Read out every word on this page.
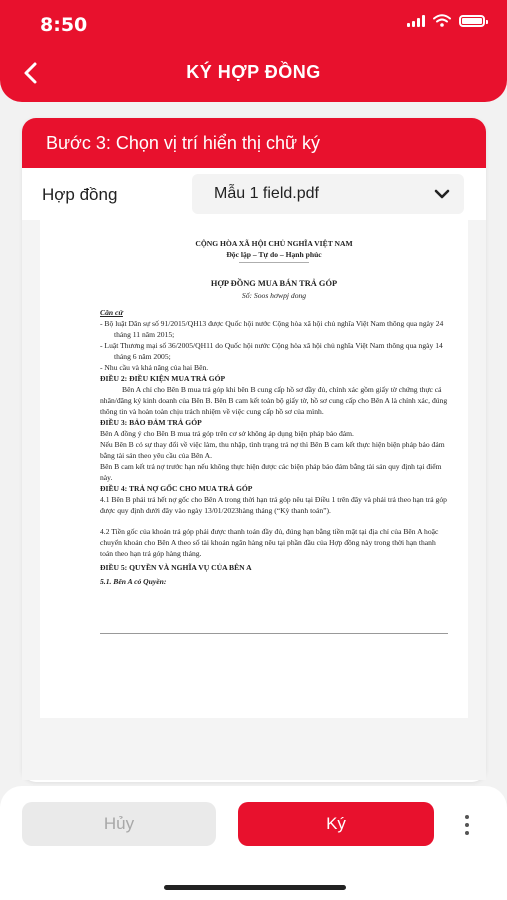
8:50
KÝ HỢP ĐỒNG
Bước 3: Chọn vị trí hiển thị chữ ký
Hợp đồng	Mẫu 1 field.pdf

CỘNG HÒA XÃ HỘI CHỦ NGHĨA VIỆT NAM

Độc lập – Tự do – Hạnh phúc

-----------------------------------

HỢP ĐỒNG MUA BÁN TRẢ GÓP

Số: Soos hơwpj dong

Căn cứ

- Bộ luật Dân sự số 91/2015/QH13 được Quốc hội nước Cộng hòa xã hội chủ nghĩa Việt Nam thông qua ngày 24 tháng 11 năm 2015;

- Luật Thương mại số 36/2005/QH11 do Quốc hội nước Cộng hòa xã hội chủ nghĩa Việt Nam thông qua ngày 14 tháng 6 năm 2005;

- Nhu cầu và khả năng của hai Bên.

ĐIỀU 2: ĐIỀU KIỆN MUA TRẢ GÓP

Bên A chỉ cho Bên B mua trả góp khi bên B cung cấp hồ sơ đầy đủ, chính xác gồm giấy tờ chứng thực cá nhân/đăng ký kinh doanh của Bên B. Bên B cam kết toàn bộ giấy tờ, hồ sơ cung cấp cho Bên A là chính xác, đúng thông tin và hoàn toàn chịu trách nhiệm về việc cung cấp hồ sơ của mình.

ĐIỀU 3: BẢO ĐẢM TRẢ GÓP

Bên A đồng ý cho Bên B mua trả góp trên cơ sở không áp dụng biện pháp bảo đảm.

Nếu Bên B có sự thay đổi về việc làm, thu nhập, tình trạng trả nợ thì Bên B cam kết thực hiện biện pháp bảo đảm bằng tài sản theo yêu cầu của Bên A.

Bên B cam kết trả nợ trước hạn nếu không thực hiện được các biện pháp bảo đảm bằng tài sản quy định tại điểm này.

ĐIỀU 4: TRẢ NỢ GỐC CHO MUA TRẢ GÓP

4.1 Bên B phải trả hết nợ gốc cho Bên A trong thời hạn trả góp nêu tại Điều 1 trên đây và phải trả theo hạn trả góp được quy định dưới đây vào ngày 13/01/2023hàng tháng (“Kỳ thanh toán”).

4.2 Tiền gốc của khoản trả góp phải được thanh toán đầy đủ, đúng hạn bằng tiền mặt tại địa chỉ của Bên A hoặc chuyển khoản cho Bên A theo số tài khoản ngân hàng nêu tại phần đầu của Hợp đồng này trong thời hạn thanh toán theo hạn trả góp hàng tháng.

ĐIỀU 5: QUYỀN VÀ NGHĨA VỤ CỦA BÊN A

5.1. Bên A có Quyền:

Hủy	Ký
